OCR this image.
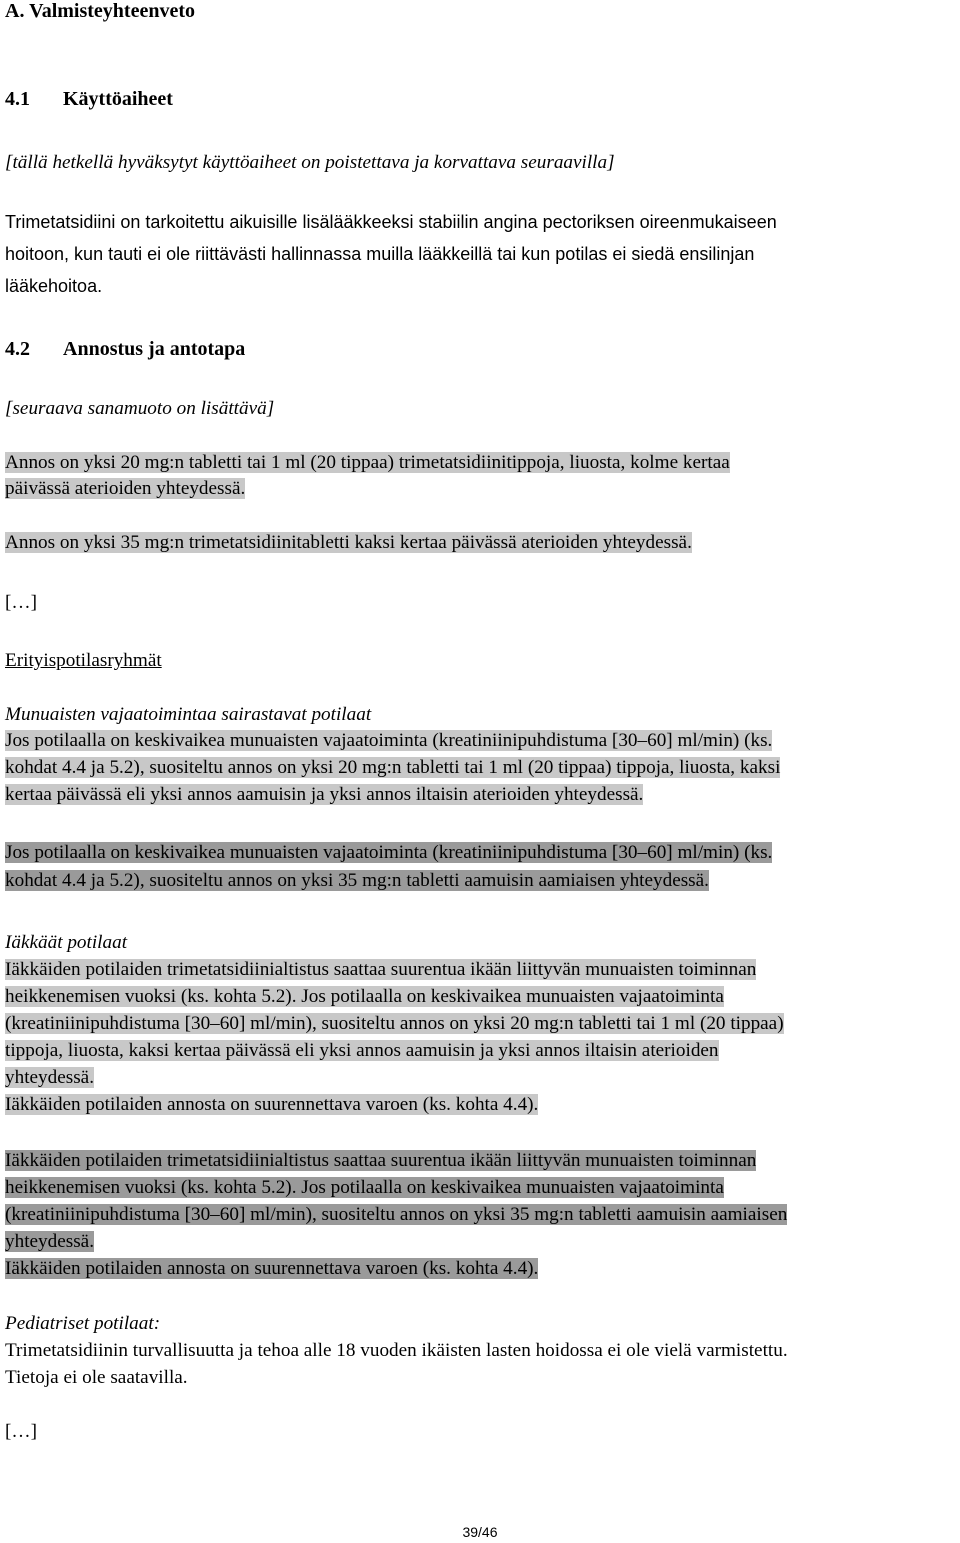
A. Valmisteyhteenveto
4.1 Käyttöaiheet
[tällä hetkellä hyväksytyt käyttöaiheet on poistettava ja korvattava seuraavilla]
Trimetatsidiini on tarkoitettu aikuisille lisälääkkeeksi stabiilin angina pectoriksen oireenmukaiseen
hoitoon, kun tauti ei ole riittävästi hallinnassa muilla lääkkeillä tai kun potilas ei siedä ensilinjan
lääkehoitoa.
4.2 Annostus ja antotapa
[seuraava sanamuoto on lisättävä]
Annos on yksi 20 mg:n tabletti tai 1 ml (20 tippaa) trimetatsidiinitippoja, liuosta, kolme kertaa
päivässä aterioiden yhteydessä.
Annos on yksi 35 mg:n trimetatsidiinitabletti kaksi kertaa päivässä aterioiden yhteydessä.
[…]
Erityispotilasryhmät
Munuaisten vajaatoimintaa sairastavat potilaat
Jos potilaalla on keskivaikea munuaisten vajaatoiminta (kreatiniinipuhdistuma [30–60] ml/min) (ks.
kohdat 4.4 ja 5.2), suositeltu annos on yksi 20 mg:n tabletti tai 1 ml (20 tippaa) tippoja, liuosta, kaksi
kertaa päivässä eli yksi annos aamuisin ja yksi annos iltaisin aterioiden yhteydessä.
Jos potilaalla on keskivaikea munuaisten vajaatoiminta (kreatiniinipuhdistuma [30–60] ml/min) (ks.
kohdat 4.4 ja 5.2), suositeltu annos on yksi 35 mg:n tabletti aamuisin aamiaisen yhteydessä.
Iäkkäät potilaat
Iäkkäiden potilaiden trimetatsidiinialtistus saattaa suurentua ikään liittyvän munuaisten toiminnan
heikkenemisen vuoksi (ks. kohta 5.2). Jos potilaalla on keskivaikea munuaisten vajaatoiminta
(kreatiniinipuhdistuma [30–60] ml/min), suositeltu annos on yksi 20 mg:n tabletti tai 1 ml (20 tippaa)
tippoja, liuosta, kaksi kertaa päivässä eli yksi annos aamuisin ja yksi annos iltaisin aterioiden
yhteydessä.
Iäkkäiden potilaiden annosta on suurennettava varoen (ks. kohta 4.4).
Iäkkäiden potilaiden trimetatsidiinialtistus saattaa suurentua ikään liittyvän munuaisten toiminnan
heikkenemisen vuoksi (ks. kohta 5.2). Jos potilaalla on keskivaikea munuaisten vajaatoiminta
(kreatiniinipuhdistuma [30–60] ml/min), suositeltu annos on yksi 35 mg:n tabletti aamuisin aamiaisen
yhteydessä.
Iäkkäiden potilaiden annosta on suurennettava varoen (ks. kohta 4.4).
Pediatriset potilaat:
Trimetatsidiinin turvallisuutta ja tehoa alle 18 vuoden ikäisten lasten hoidossa ei ole vielä varmistettu.
Tietoja ei ole saatavilla.
[…]
39/46
